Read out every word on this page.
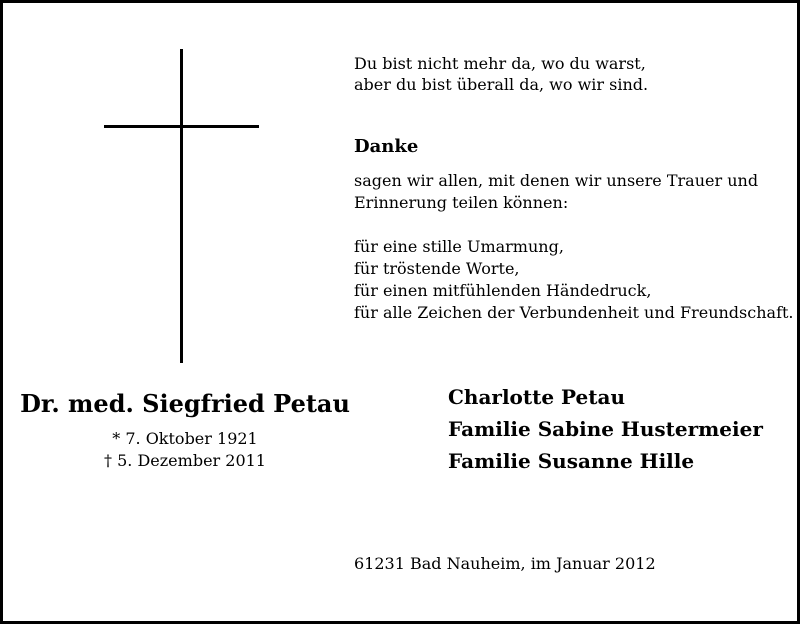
Du bist nicht mehr da, wo du warst,
aber du bist überall da, wo wir sind.
Danke
sagen wir allen, mit denen wir unsere Trauer und
Erinnerung teilen können:
für eine stille Umarmung,
für tröstende Worte,
für einen mitfühlenden Händedruck,
für alle Zeichen der Verbundenheit und Freundschaft.
Dr. med. Siegfried Petau
* 7. Oktober 1921
† 5. Dezember 2011
Charlotte Petau
Familie Sabine Hustermeier
Familie Susanne Hille
61231 Bad Nauheim, im Januar 2012
